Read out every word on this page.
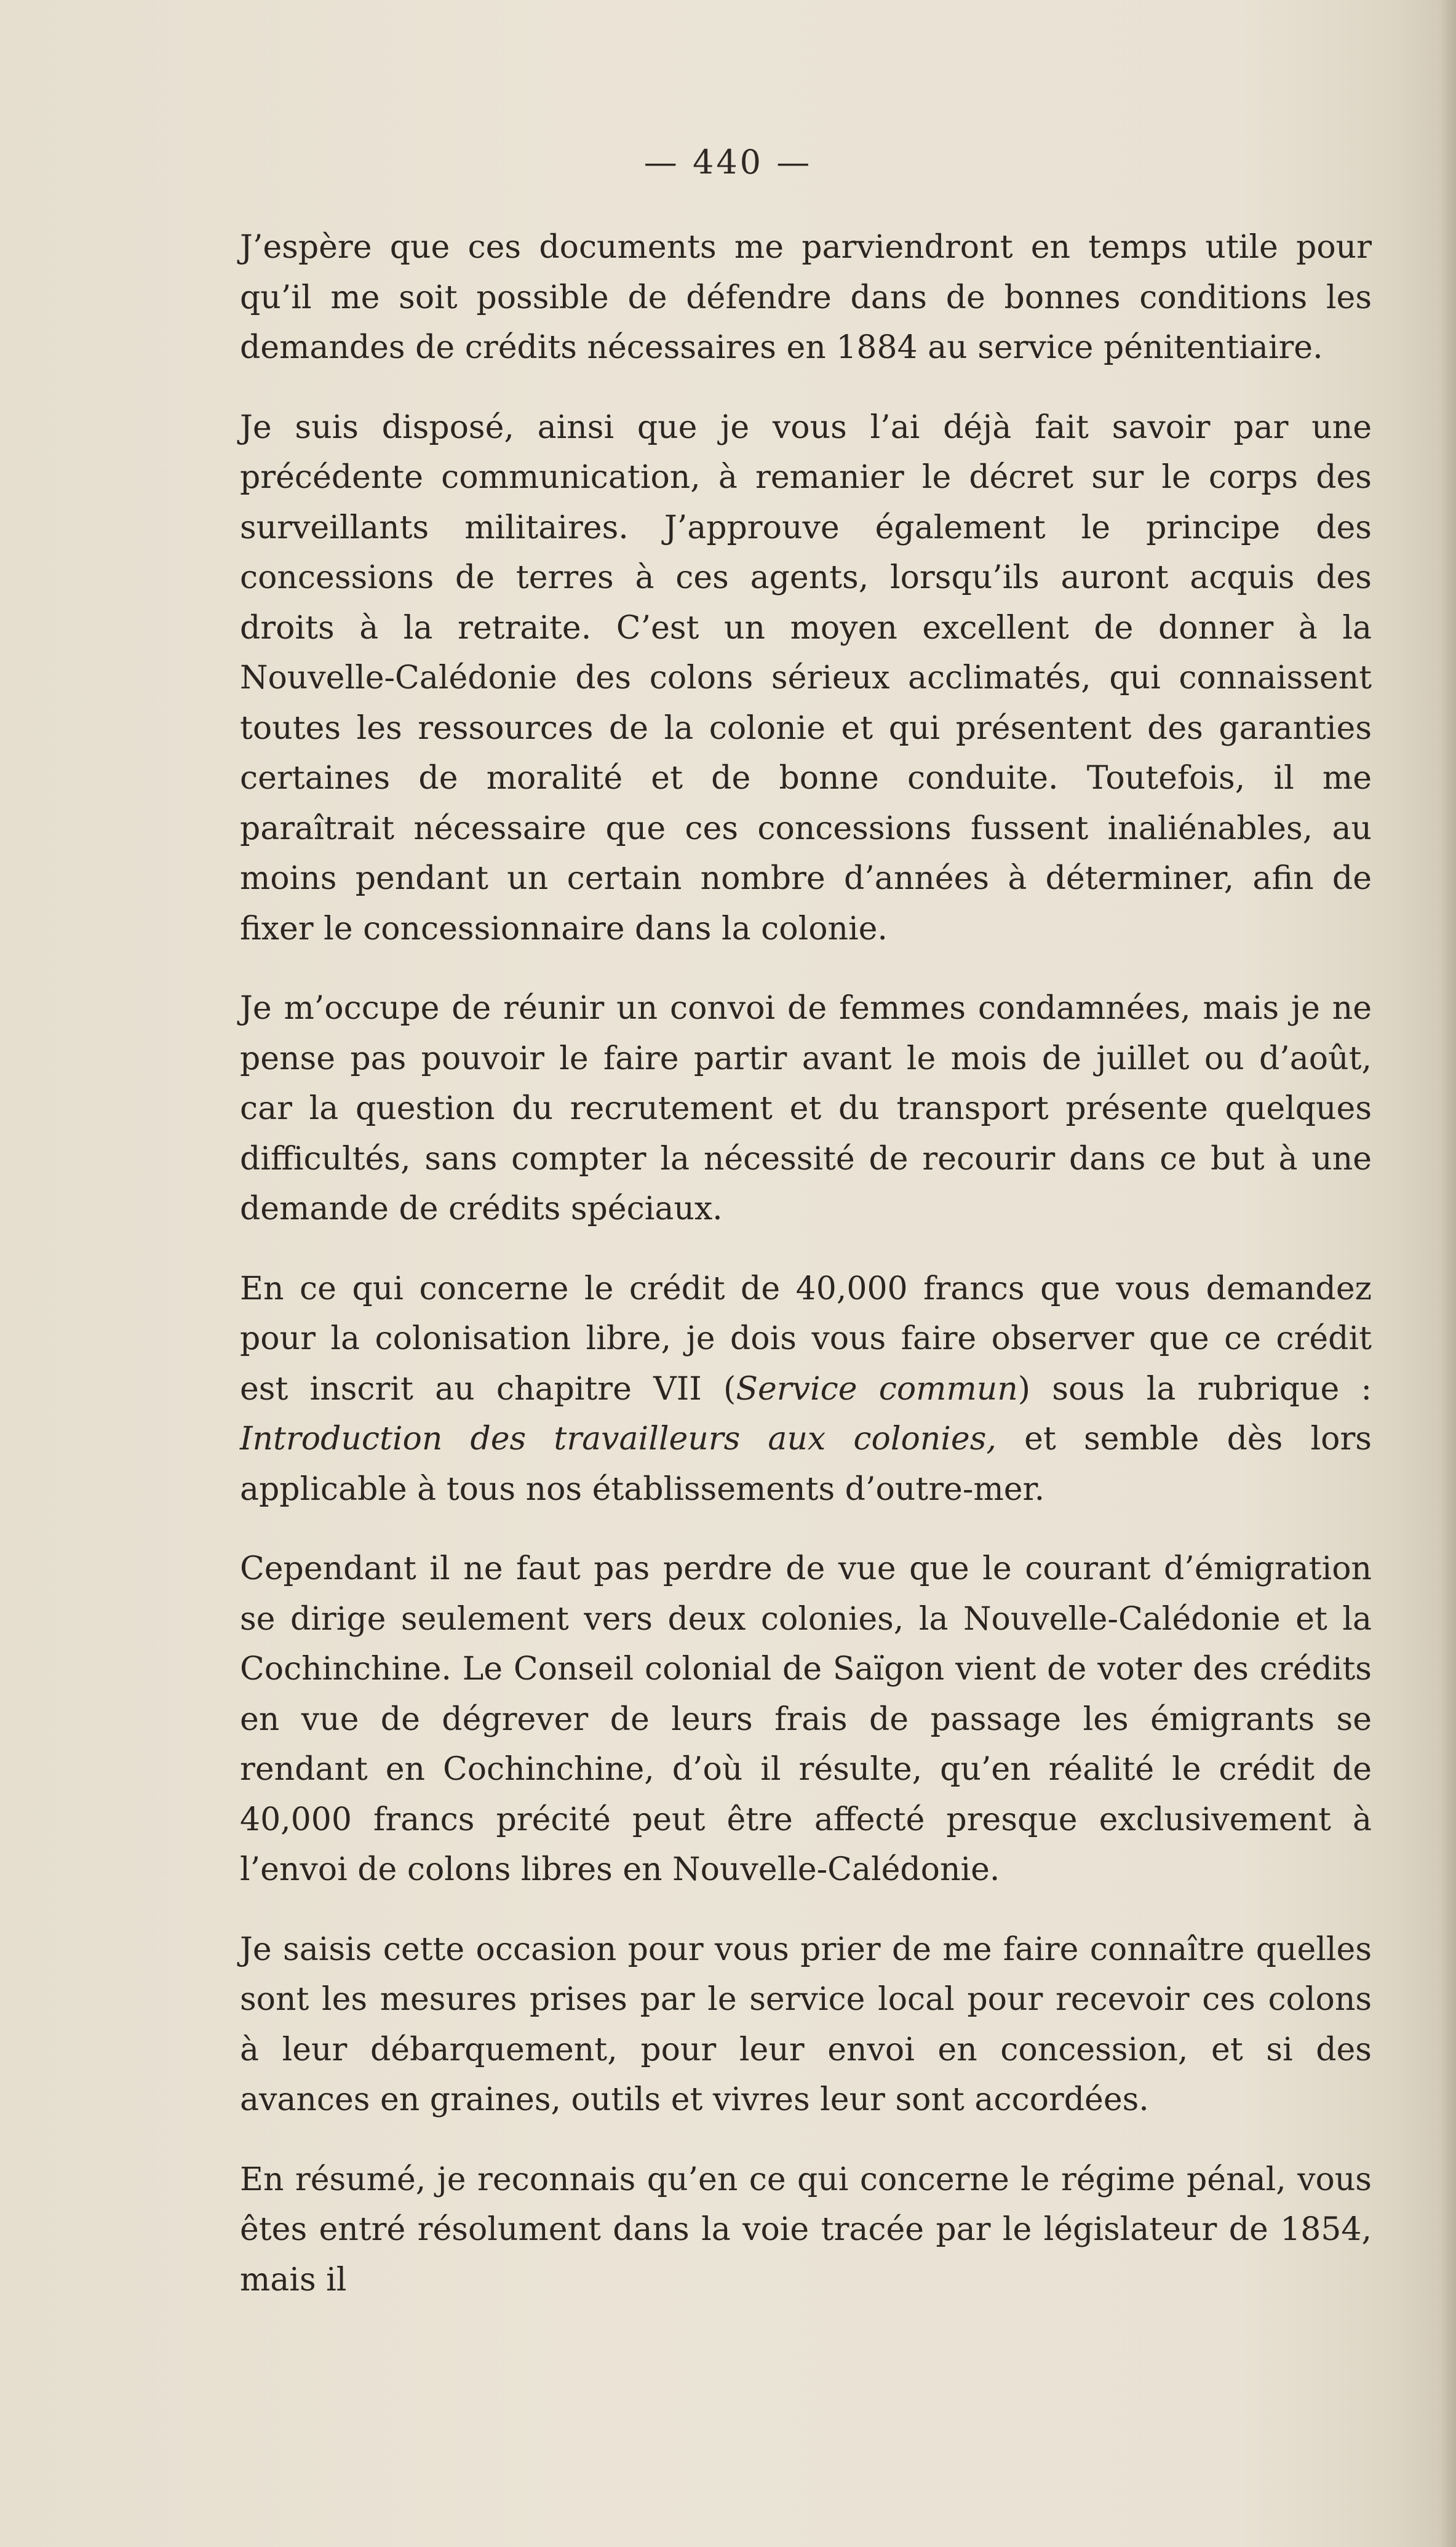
— 440 —

J’espère que ces documents me parviendront en temps utile pour qu’il me soit possible de défendre dans de bonnes conditions les demandes de crédits nécessaires en 1884 au service pénitentiaire.

Je suis disposé, ainsi que je vous l’ai déjà fait savoir par une précédente communication, à remanier le décret sur le corps des surveillants militaires. J’approuve également le principe des concessions de terres à ces agents, lorsqu’ils auront acquis des droits à la retraite. C’est un moyen excellent de donner à la Nouvelle-Calédonie des colons sérieux acclimatés, qui connaissent toutes les ressources de la colonie et qui présentent des garanties certaines de moralité et de bonne conduite. Toutefois, il me paraîtrait nécessaire que ces concessions fussent inaliénables, au moins pendant un certain nombre d’années à déterminer, afin de fixer le concessionnaire dans la colonie.

Je m’occupe de réunir un convoi de femmes condamnées, mais je ne pense pas pouvoir le faire partir avant le mois de juillet ou d’août, car la question du recrutement et du transport présente quelques difficultés, sans compter la nécessité de recourir dans ce but à une demande de crédits spéciaux.

En ce qui concerne le crédit de 40,000 francs que vous demandez pour la colonisation libre, je dois vous faire observer que ce crédit est inscrit au chapitre VII (Service commun) sous la rubrique : Introduction des travailleurs aux colonies, et semble dès lors applicable à tous nos établissements d’outre-mer.

Cependant il ne faut pas perdre de vue que le courant d’émigration se dirige seulement vers deux colonies, la Nouvelle-Calédonie et la Cochinchine. Le Conseil colonial de Saïgon vient de voter des crédits en vue de dégrever de leurs frais de passage les émigrants se rendant en Cochinchine, d’où il résulte, qu’en réalité le crédit de 40,000 francs précité peut être affecté presque exclusivement à l’envoi de colons libres en Nouvelle-Calédonie.

Je saisis cette occasion pour vous prier de me faire connaître quelles sont les mesures prises par le service local pour recevoir ces colons à leur débarquement, pour leur envoi en concession, et si des avances en graines, outils et vivres leur sont accordées.

En résumé, je reconnais qu’en ce qui concerne le régime pénal, vous êtes entré résolument dans la voie tracée par le législateur de 1854, mais il
